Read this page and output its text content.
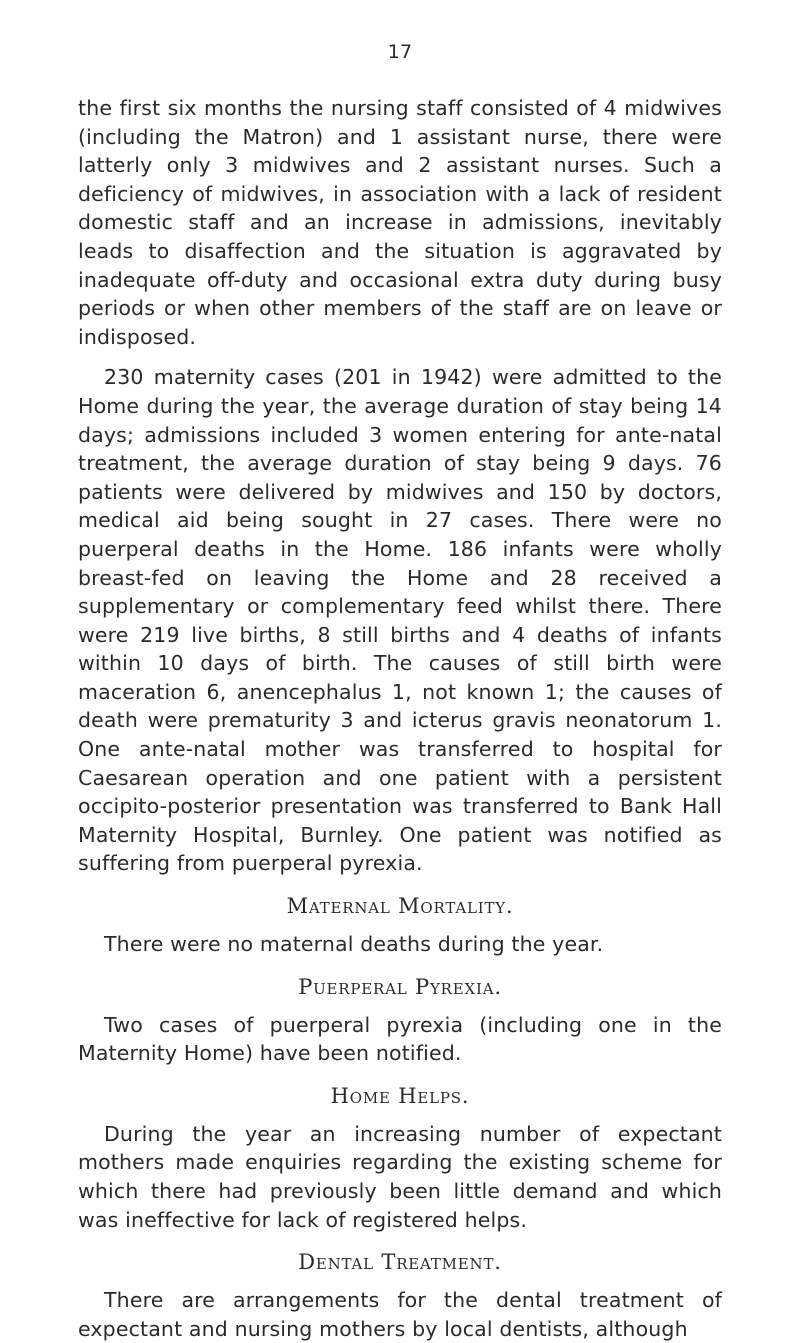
17

the first six months the nursing staff consisted of 4 midwives (including the Matron) and 1 assistant nurse, there were latterly only 3 midwives and 2 assistant nurses. Such a deficiency of midwives, in association with a lack of resident domestic staff and an increase in admissions, inevitably leads to disaffection and the situation is aggravated by inadequate off-duty and occasional extra duty during busy periods or when other members of the staff are on leave or indisposed.

230 maternity cases (201 in 1942) were admitted to the Home during the year, the average duration of stay being 14 days; admissions included 3 women entering for ante-natal treatment, the average duration of stay being 9 days. 76 patients were delivered by midwives and 150 by doctors, medical aid being sought in 27 cases. There were no puerperal deaths in the Home. 186 infants were wholly breast-fed on leaving the Home and 28 received a supplementary or complementary feed whilst there. There were 219 live births, 8 still births and 4 deaths of infants within 10 days of birth. The causes of still birth were maceration 6, anencephalus 1, not known 1; the causes of death were prematurity 3 and icterus gravis neonatorum 1. One ante-natal mother was transferred to hospital for Caesarean operation and one patient with a persistent occipito-posterior presentation was transferred to Bank Hall Maternity Hospital, Burnley. One patient was notified as suffering from puerperal pyrexia.

Maternal Mortality.

There were no maternal deaths during the year.

Puerperal Pyrexia.

Two cases of puerperal pyrexia (including one in the Maternity Home) have been notified.

Home Helps.

During the year an increasing number of expectant mothers made enquiries regarding the existing scheme for which there had previously been little demand and which was ineffective for lack of registered helps.

Dental Treatment.

There are arrangements for the dental treatment of expectant and nursing mothers by local dentists, although
